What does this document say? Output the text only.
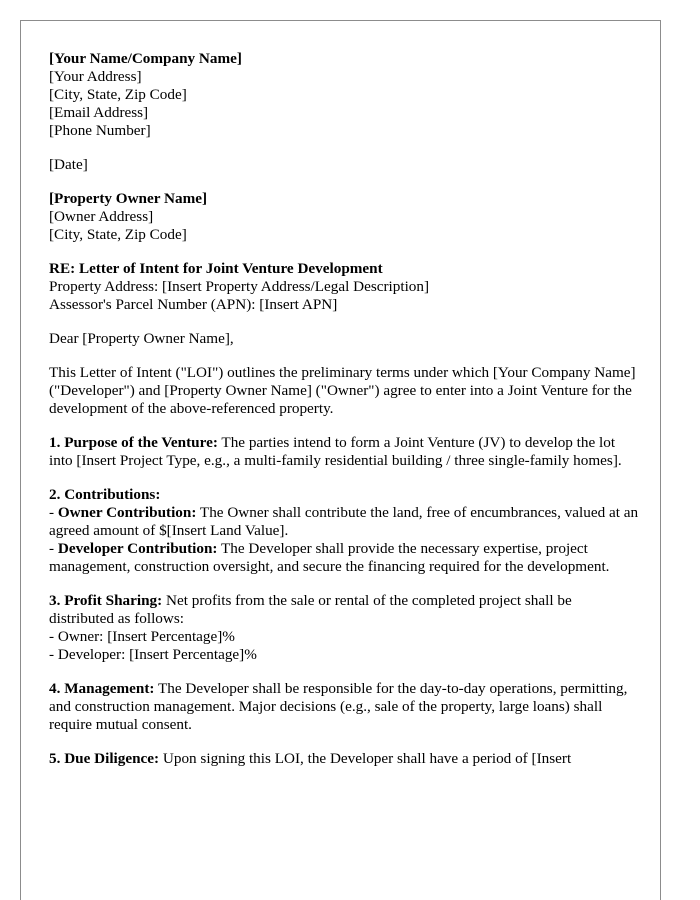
[Your Name/Company Name]
[Your Address]
[City, State, Zip Code]
[Email Address]
[Phone Number]
[Date]
[Property Owner Name]
[Owner Address]
[City, State, Zip Code]
RE: Letter of Intent for Joint Venture Development
Property Address: [Insert Property Address/Legal Description]
Assessor's Parcel Number (APN): [Insert APN]

Dear [Property Owner Name],

This Letter of Intent ("LOI") outlines the preliminary terms under which [Your Company Name] ("Developer") and [Property Owner Name] ("Owner") agree to enter into a Joint Venture for the development of the above-referenced property.

1. Purpose of the Venture: The parties intend to form a Joint Venture (JV) to develop the lot into [Insert Project Type, e.g., a multi-family residential building / three single-family homes].

2. Contributions:
- Owner Contribution: The Owner shall contribute the land, free of encumbrances, valued at an agreed amount of $[Insert Land Value].
- Developer Contribution: The Developer shall provide the necessary expertise, project management, construction oversight, and secure the financing required for the development.

3. Profit Sharing: Net profits from the sale or rental of the completed project shall be distributed as follows:
- Owner: [Insert Percentage]%
- Developer: [Insert Percentage]%

4. Management: The Developer shall be responsible for the day-to-day operations, permitting, and construction management. Major decisions (e.g., sale of the property, large loans) shall require mutual consent.

5. Due Diligence: Upon signing this LOI, the Developer shall have a period of [Insert
